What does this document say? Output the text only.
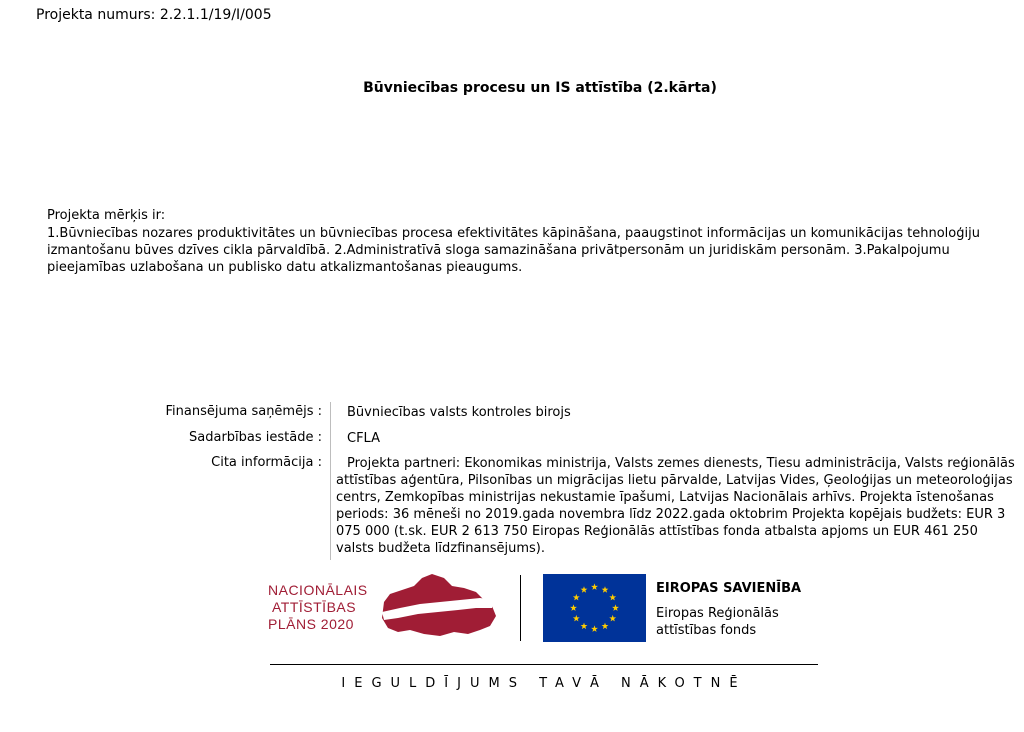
Projekta numurs: 2.2.1.1/19/I/005
Būvniecības procesu un IS attīstība (2.kārta)
Projekta mērķis ir:
1.Būvniecības nozares produktivitātes un būvniecības procesa efektivitātes kāpināšana, paaugstinot informācijas un komunikācijas tehnoloģiju izmantošanu būves dzīves cikla pārvaldībā. 2.Administratīvā sloga samazināšana privātpersonām un juridiskām personām. 3.Pakalpojumu pieejamības uzlabošana un publisko datu atkalizmantošanas pieaugums.
Finansējuma saņēmējs : Būvniecības valsts kontroles birojs
Sadarbības iestāde : CFLA
Cita informācija :	Projekta partneri: Ekonomikas ministrija, Valsts zemes dienests, Tiesu administrācija, Valsts reģionālās attīstības aģentūra, Pilsonības un migrācijas lietu pārvalde, Latvijas Vides, Ģeoloģijas un meteoroloģijas centrs, Zemkopības ministrijas nekustamie īpašumi, Latvijas Nacionālais arhīvs. Projekta īstenošanas periods: 36 mēneši no 2019.gada novembra līdz 2022.gada oktobrim Projekta kopējais budžets: EUR 3 075 000 (t.sk. EUR 2 613 750 Eiropas Reģionālās attīstības fonda atbalsta apjoms un EUR 461 250 valsts budžeta līdzfinansējums).
NACIONĀLAIS
ATTĪSTĪBAS
PLĀNS 2020
EIROPAS SAVIENĪBA
Eiropas Reģionālās
attīstības fonds
IEGULDĪJUMS TAVĀ NĀKOTNĒ
